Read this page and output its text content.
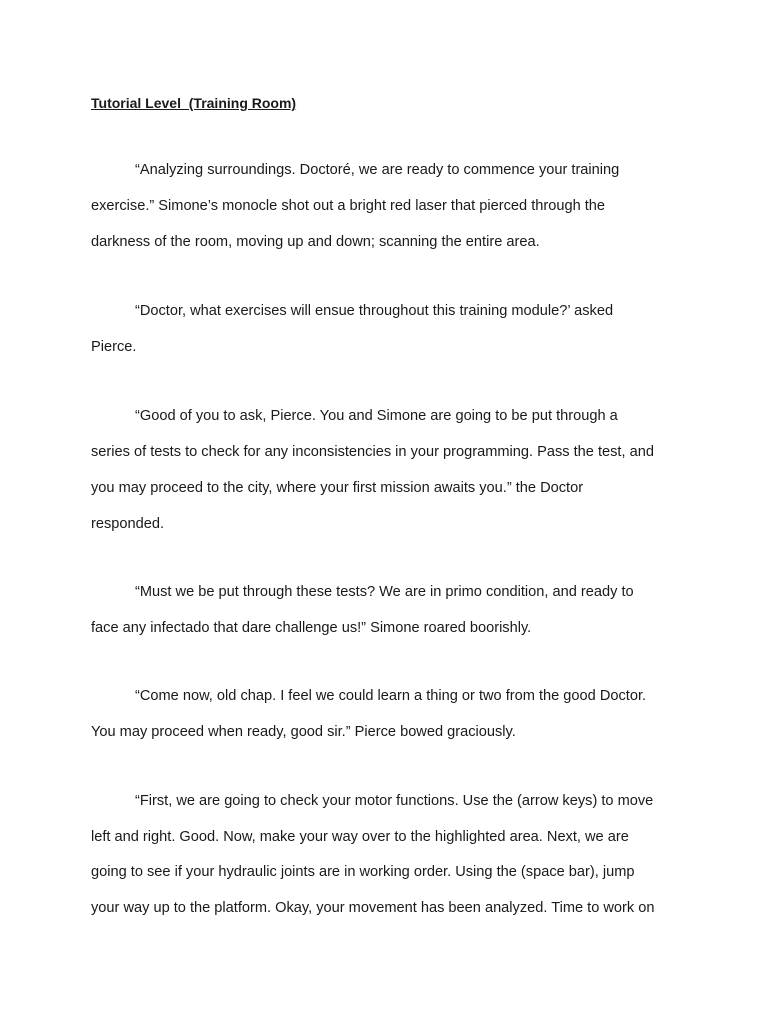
Tutorial Level  (Training Room)
“Analyzing surroundings. Doctoré, we are ready to commence your training
exercise.” Simone’s monocle shot out a bright red laser that pierced through the
darkness of the room, moving up and down; scanning the entire area.
“Doctor, what exercises will ensue throughout this training module?’ asked
Pierce.
“Good of you to ask, Pierce. You and Simone are going to be put through a
series of tests to check for any inconsistencies in your programming. Pass the test, and
you may proceed to the city, where your first mission awaits you.” the Doctor
responded.
“Must we be put through these tests? We are in primo condition, and ready to
face any infectado that dare challenge us!” Simone roared boorishly.
“Come now, old chap. I feel we could learn a thing or two from the good Doctor.
You may proceed when ready, good sir.” Pierce bowed graciously.
“First, we are going to check your motor functions. Use the (arrow keys) to move
left and right. Good. Now, make your way over to the highlighted area. Next, we are
going to see if your hydraulic joints are in working order. Using the (space bar), jump
your way up to the platform. Okay, your movement has been analyzed. Time to work on
